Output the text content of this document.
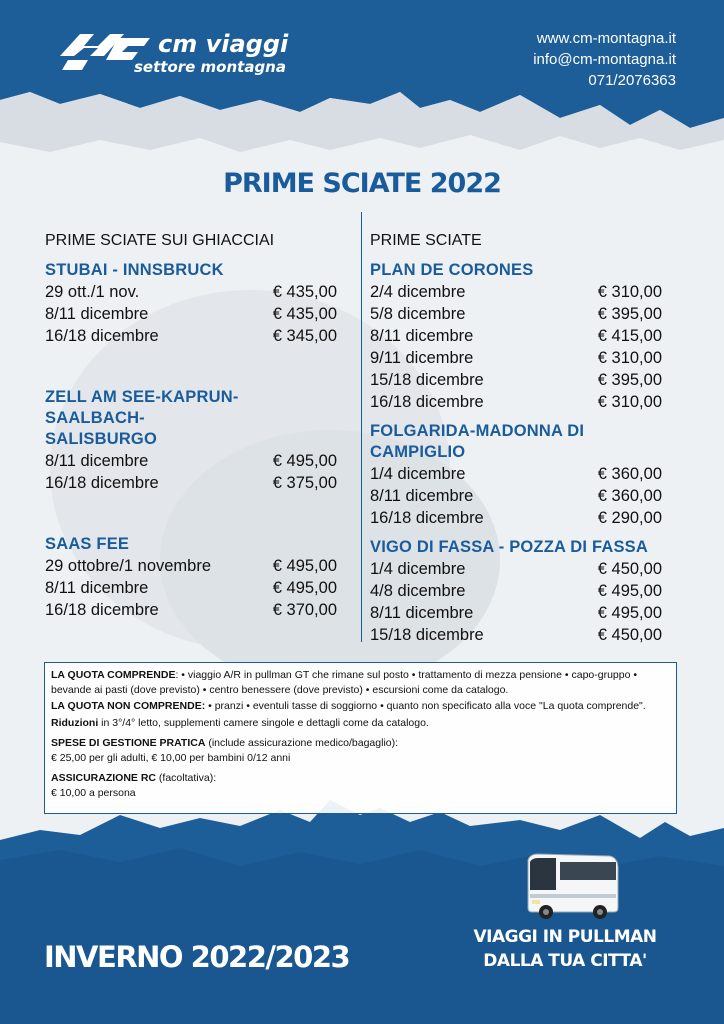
cm viaggi
settore montagna
www.cm-montagna.it
info@cm-montagna.it
071/2076363
PRIME SCIATE 2022
PRIME SCIATE SUI GHIACCIAI
STUBAI - INNSBRUCK
29 ott./1 nov.	€ 435,00
8/11 dicembre	€ 435,00
16/18 dicembre	€ 345,00
ZELL AM SEE-KAPRUN-SAALBACH-
SALISBURGO
8/11 dicembre	€ 495,00
16/18 dicembre	€ 375,00
SAAS FEE
29 ottobre/1 novembre	€ 495,00
8/11 dicembre	€ 495,00
16/18 dicembre	€ 370,00
PRIME SCIATE
PLAN DE CORONES
2/4 dicembre	€ 310,00
5/8 dicembre	€ 395,00
8/11 dicembre	€ 415,00
9/11 dicembre	€ 310,00
15/18 dicembre	€ 395,00
16/18 dicembre	€ 310,00
FOLGARIDA-MADONNA DI CAMPIGLIO
1/4 dicembre	€ 360,00
8/11 dicembre	€ 360,00
16/18 dicembre	€ 290,00
VIGO DI FASSA - POZZA DI FASSA
1/4 dicembre	€ 450,00
4/8 dicembre	€ 495,00
8/11 dicembre	€ 495,00
15/18 dicembre	€ 450,00

LA QUOTA COMPRENDE: • viaggio A/R in pullman GT che rimane sul posto • trattamento di mezza pensione • capo-gruppo • bevande ai pasti (dove previsto) • centro benessere (dove previsto) • escursioni come da catalogo.

LA QUOTA NON COMPRENDE: • pranzi • eventuli tasse di soggiorno • quanto non specificato alla voce "La quota comprende".

Riduzioni in 3°/4° letto, supplementi camere singole e dettagli come da catalogo.

SPESE DI GESTIONE PRATICA (include assicurazione medico/bagaglio):
€ 25,00 per gli adulti, € 10,00 per bambini 0/12 anni

ASSICURAZIONE RC (facoltativa):
€ 10,00 a persona

INVERNO 2022/2023
VIAGGI IN PULLMAN
DALLA TUA CITTA'
